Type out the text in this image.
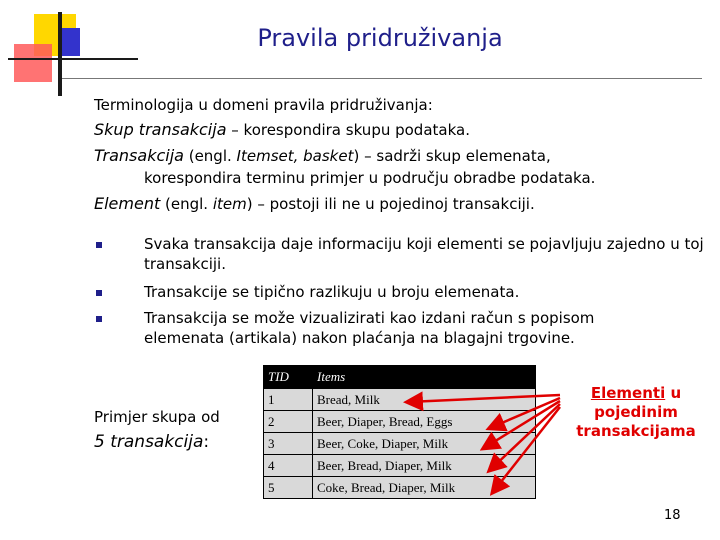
Pravila pridruživanja
Terminologija u domeni pravila pridruživanja:
Skup transakcija – korespondira skupu podataka.
Transakcija (engl. Itemset, basket) – sadrži skup elemenata,
korespondira terminu primjer u području obradbe podataka.
Element (engl. item) – postoji ili ne u pojedinoj transakciji.
Svaka transakcija daje informaciju koji elementi se pojavljuju zajedno u toj transakciji.
Transakcije se tipično razlikuju u broju elemenata.
Transakcija se može vizualizirati kao izdani račun s popisom elemenata (artikala) nakon plaćanja na blagajni trgovine.
Primjer skupa od
5 transakcija:
TID	Items
1	Bread, Milk
2	Beer, Diaper, Bread, Eggs
3	Beer, Coke, Diaper, Milk
4	Beer, Bread, Diaper, Milk
5	Coke, Bread, Diaper, Milk
Elementi u
pojedinim
transakcijama
18
